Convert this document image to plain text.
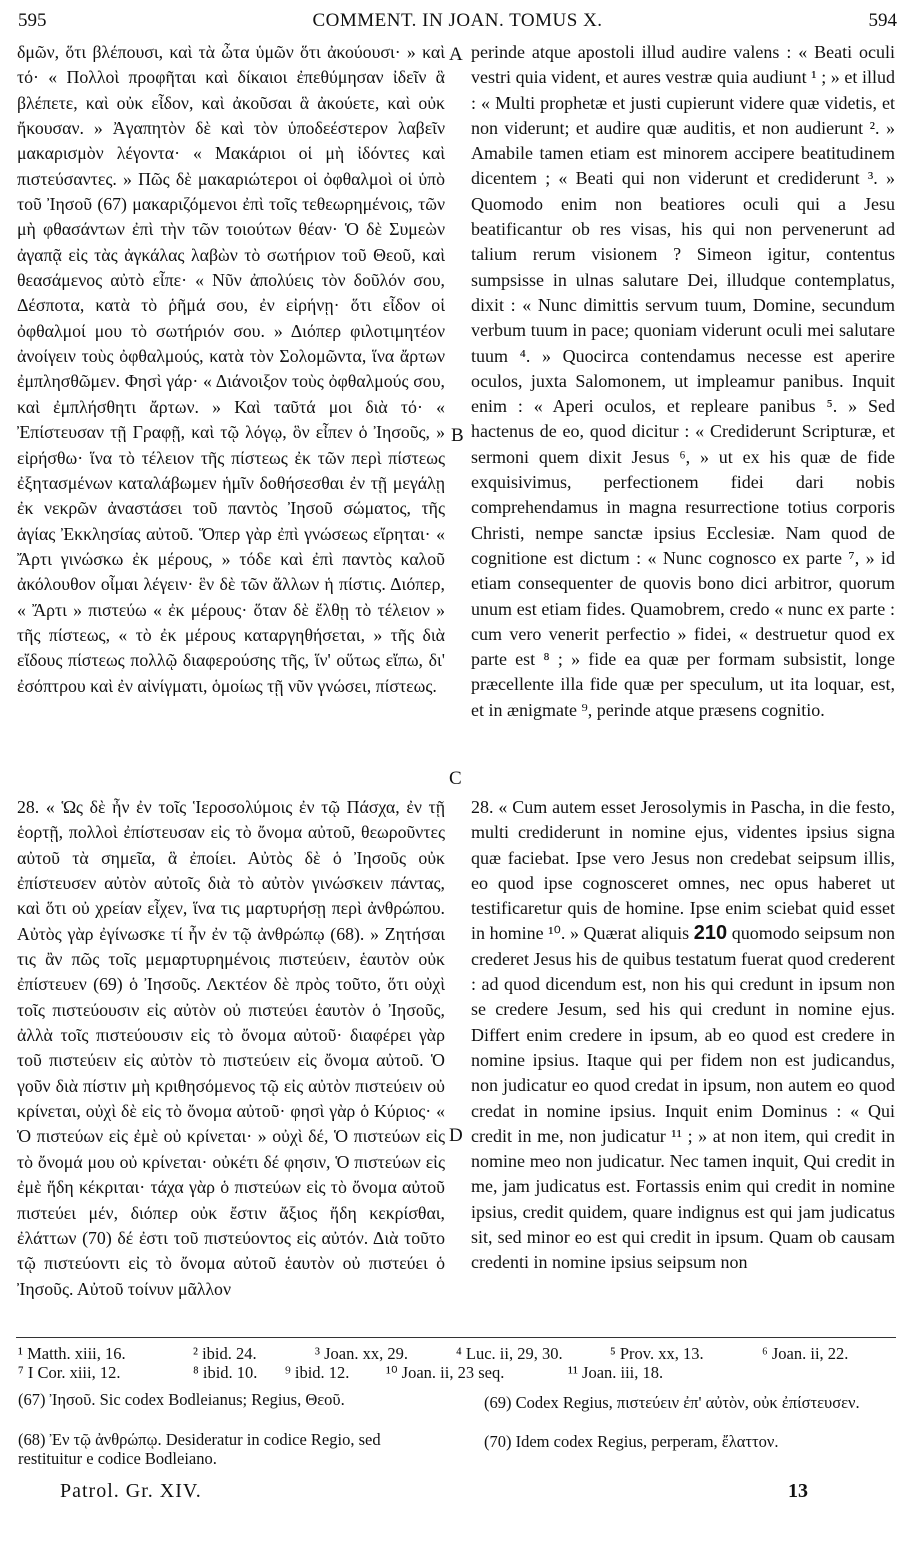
595	COMMENT. IN JOAN. TOMUS X.	594

δμῶν, ὅτι βλέπουσι, καὶ τὰ ὦτα ὑμῶν ὅτι ἀκούουσι· » καὶ τό· « Πολλοὶ προφῆται καὶ δίκαιοι ἐπεθύμησαν ἰδεῖν ἃ βλέπετε, καὶ οὐκ εἶδον, καὶ ἀκοῦσαι ἃ ἀκούετε, καὶ οὐκ ἤκουσαν. » Ἀγαπητὸν δὲ καὶ τὸν ὑποδεέστερον λαβεῖν μακαρισμὸν λέγοντα· « Μακάριοι οἱ μὴ ἰδόντες καὶ πιστεύσαντες. » Πῶς δὲ μακαριώτεροι οἱ ὀφθαλμοὶ οἱ ὑπὸ τοῦ Ἰησοῦ (67) μακαριζόμενοι ἐπὶ τοῖς τεθεωρημένοις, τῶν μὴ φθασάντων ἐπὶ τὴν τῶν τοιούτων θέαν· Ὁ δὲ Συμεὼν ἀγαπᾷ εἰς τὰς ἀγκάλας λαβὼν τὸ σωτήριον τοῦ Θεοῦ, καὶ θεασάμενος αὐτὸ εἶπε· « Νῦν ἀπολύεις τὸν δοῦλόν σου, Δέσποτα, κατὰ τὸ ῥῆμά σου, ἐν εἰρήνῃ· ὅτι εἶδον οἱ ὀφθαλμοί μου τὸ σωτήριόν σου. » Διόπερ φιλοτιμητέον ἀνοίγειν τοὺς ὀφθαλμούς, κατὰ τὸν Σολομῶντα, ἵνα ἄρτων ἐμπλησθῶμεν. Φησὶ γάρ· « Διάνοιξον τοὺς ὀφθαλμούς σου, καὶ ἐμπλήσθητι ἄρτων. » Καὶ ταῦτά μοι διὰ τό· « Ἐπίστευσαν τῇ Γραφῇ, καὶ τῷ λόγῳ, ὃν εἶπεν ὁ Ἰησοῦς, » εἰρήσθω· ἵνα τὸ τέλειον τῆς πίστεως ἐκ τῶν περὶ πίστεως ἐξητασμένων καταλάβωμεν ἡμῖν δοθήσεσθαι ἐν τῇ μεγάλῃ ἐκ νεκρῶν ἀναστάσει τοῦ παντὸς Ἰησοῦ σώματος, τῆς ἁγίας Ἐκκλησίας αὐτοῦ. Ὅπερ γὰρ ἐπὶ γνώσεως εἴρηται· « Ἄρτι γινώσκω ἐκ μέρους, » τόδε καὶ ἐπὶ παντὸς καλοῦ ἀκόλουθον οἶμαι λέγειν· ἓν δὲ τῶν ἄλλων ἡ πίστις. Διόπερ, « Ἄρτι » πιστεύω « ἐκ μέρους· ὅταν δὲ ἔλθῃ τὸ τέλειον » τῆς πίστεως, « τὸ ἐκ μέρους καταργηθήσεται, » τῆς διὰ εἴδους πίστεως πολλῷ διαφερούσης τῆς, ἵν' οὕτως εἴπω, δι' ἐσόπτρου καὶ ἐν αἰνίγματι, ὁμοίως τῇ νῦν γνώσει, πίστεως.

perinde atque apostoli illud audire valens : « Beati oculi vestri quia vident, et aures vestræ quia audiunt ¹ ; » et illud : « Multi prophetæ et justi cupierunt videre quæ videtis, et non viderunt; et audire quæ auditis, et non audierunt ². » Amabile tamen etiam est minorem accipere beatitudinem dicentem ; « Beati qui non viderunt et crediderunt ³. » Quomodo enim non beatiores oculi qui a Jesu beatificantur ob res visas, his qui non pervenerunt ad talium rerum visionem ? Simeon igitur, contentus sumpsisse in ulnas salutare Dei, illudque contemplatus, dixit : « Nunc dimittis servum tuum, Domine, secundum verbum tuum in pace; quoniam viderunt oculi mei salutare tuum ⁴. » Quocirca contendamus necesse est aperire oculos, juxta Salomonem, ut impleamur panibus. Inquit enim : « Aperi oculos, et repleare panibus ⁵. » Sed hactenus de eo, quod dicitur : « Crediderunt Scripturæ, et sermoni quem dixit Jesus ⁶, » ut ex his quæ de fide exquisivimus, perfectionem fidei dari nobis comprehendamus in magna resurrectione totius corporis Christi, nempe sanctæ ipsius Ecclesiæ. Nam quod de cognitione est dictum : « Nunc cognosco ex parte ⁷, » id etiam consequenter de quovis bono dici arbitror, quorum unum est etiam fides. Quamobrem, credo « nunc ex parte : cum vero venerit perfectio » fidei, « destruetur quod ex parte est ⁸ ; » fide ea quæ per formam subsistit, longe præcellente illa fide quæ per speculum, ut ita loquar, est, et in ænigmate ⁹, perinde atque præsens cognitio.

A
B
C
D

28. « Ὡς δὲ ἦν ἐν τοῖς Ἱεροσολύμοις ἐν τῷ Πάσχα, ἐν τῇ ἑορτῇ, πολλοὶ ἐπίστευσαν εἰς τὸ ὄνομα αὐτοῦ, θεωροῦντες αὐτοῦ τὰ σημεῖα, ἃ ἐποίει. Αὐτὸς δὲ ὁ Ἰησοῦς οὐκ ἐπίστευσεν αὐτὸν αὐτοῖς διὰ τὸ αὐτὸν γινώσκειν πάντας, καὶ ὅτι οὐ χρείαν εἶχεν, ἵνα τις μαρτυρήσῃ περὶ ἀνθρώπου. Αὐτὸς γὰρ ἐγίνωσκε τί ἦν ἐν τῷ ἀνθρώπῳ (68). » Ζητήσαι τις ἂν πῶς τοῖς μεμαρτυρημένοις πιστεύειν, ἑαυτὸν οὐκ ἐπίστευεν (69) ὁ Ἰησοῦς. Λεκτέον δὲ πρὸς τοῦτο, ὅτι οὐχὶ τοῖς πιστεύουσιν εἰς αὐτὸν οὐ πιστεύει ἑαυτὸν ὁ Ἰησοῦς, ἀλλὰ τοῖς πιστεύουσιν εἰς τὸ ὄνομα αὐτοῦ· διαφέρει γὰρ τοῦ πιστεύειν εἰς αὐτὸν τὸ πιστεύειν εἰς ὄνομα αὐτοῦ. Ὁ γοῦν διὰ πίστιν μὴ κριθησόμενος τῷ εἰς αὐτὸν πιστεύειν οὐ κρίνεται, οὐχὶ δὲ εἰς τὸ ὄνομα αὐτοῦ· φησὶ γὰρ ὁ Κύριος· « Ὁ πιστεύων εἰς ἐμὲ οὐ κρίνεται· » οὐχὶ δέ, Ὁ πιστεύων εἰς τὸ ὄνομά μου οὐ κρίνεται· οὐκέτι δέ φησιν, Ὁ πιστεύων εἰς ἐμὲ ἤδη κέκριται· τάχα γὰρ ὁ πιστεύων εἰς τὸ ὄνομα αὐτοῦ πιστεύει μέν, διόπερ οὐκ ἔστιν ἄξιος ἤδη κεκρίσθαι, ἐλάττων (70) δέ ἐστι τοῦ πιστεύοντος εἰς αὐτόν. Διὰ τοῦτο τῷ πιστεύοντι εἰς τὸ ὄνομα αὐτοῦ ἑαυτὸν οὐ πιστεύει ὁ Ἰησοῦς. Αὐτοῦ τοίνυν μᾶλλον

28. « Cum autem esset Jerosolymis in Pascha, in die festo, multi crediderunt in nomine ejus, videntes ipsius signa quæ faciebat. Ipse vero Jesus non credebat seipsum illis, eo quod ipse cognosceret omnes, nec opus haberet ut testificaretur quis de homine. Ipse enim sciebat quid esset in homine ¹⁰. » Quærat aliquis 210 quomodo seipsum non crederet Jesus his de quibus testatum fuerat quod crederent : ad quod dicendum est, non his qui credunt in ipsum non se credere Jesum, sed his qui credunt in nomine ejus. Differt enim credere in ipsum, ab eo quod est credere in nomine ipsius. Itaque qui per fidem non est judicandus, non judicatur eo quod credat in ipsum, non autem eo quod credat in nomine ipsius. Inquit enim Dominus : « Qui credit in me, non judicatur ¹¹ ; » at non item, qui credit in nomine meo non judicatur. Nec tamen inquit, Qui credit in me, jam judicatus est. Fortassis enim qui credit in nomine ipsius, credit quidem, quare indignus est qui jam judicatus sit, sed minor eo est qui credit in ipsum. Quam ob causam credenti in nomine ipsius seipsum non

¹ Matth. xiii, 16.	² ibid. 24.	³ Joan. xx, 29.	⁴ Luc. ii, 29, 30.	⁵ Prov. xx, 13.	⁶ Joan. ii, 22.
⁷ I Cor. xiii, 12.	⁸ ibid. 10. ⁹ ibid. 12. ¹⁰ Joan. ii, 23 seq.	¹¹ Joan. iii, 18.
(67) Ἰησοῦ. Sic codex Bodleianus; Regius, Θεοῦ.
(68) Ἐν τῷ ἀνθρώπῳ. Desideratur in codice Regio, sed restituitur e codice Bodleiano.
(69) Codex Regius, πιστεύειν ἐπ' αὐτὸν, οὐκ ἐπίστευσεν.
(70) Idem codex Regius, perperam, ἔλαττον.
Patrol. Gr. XIV.	13
